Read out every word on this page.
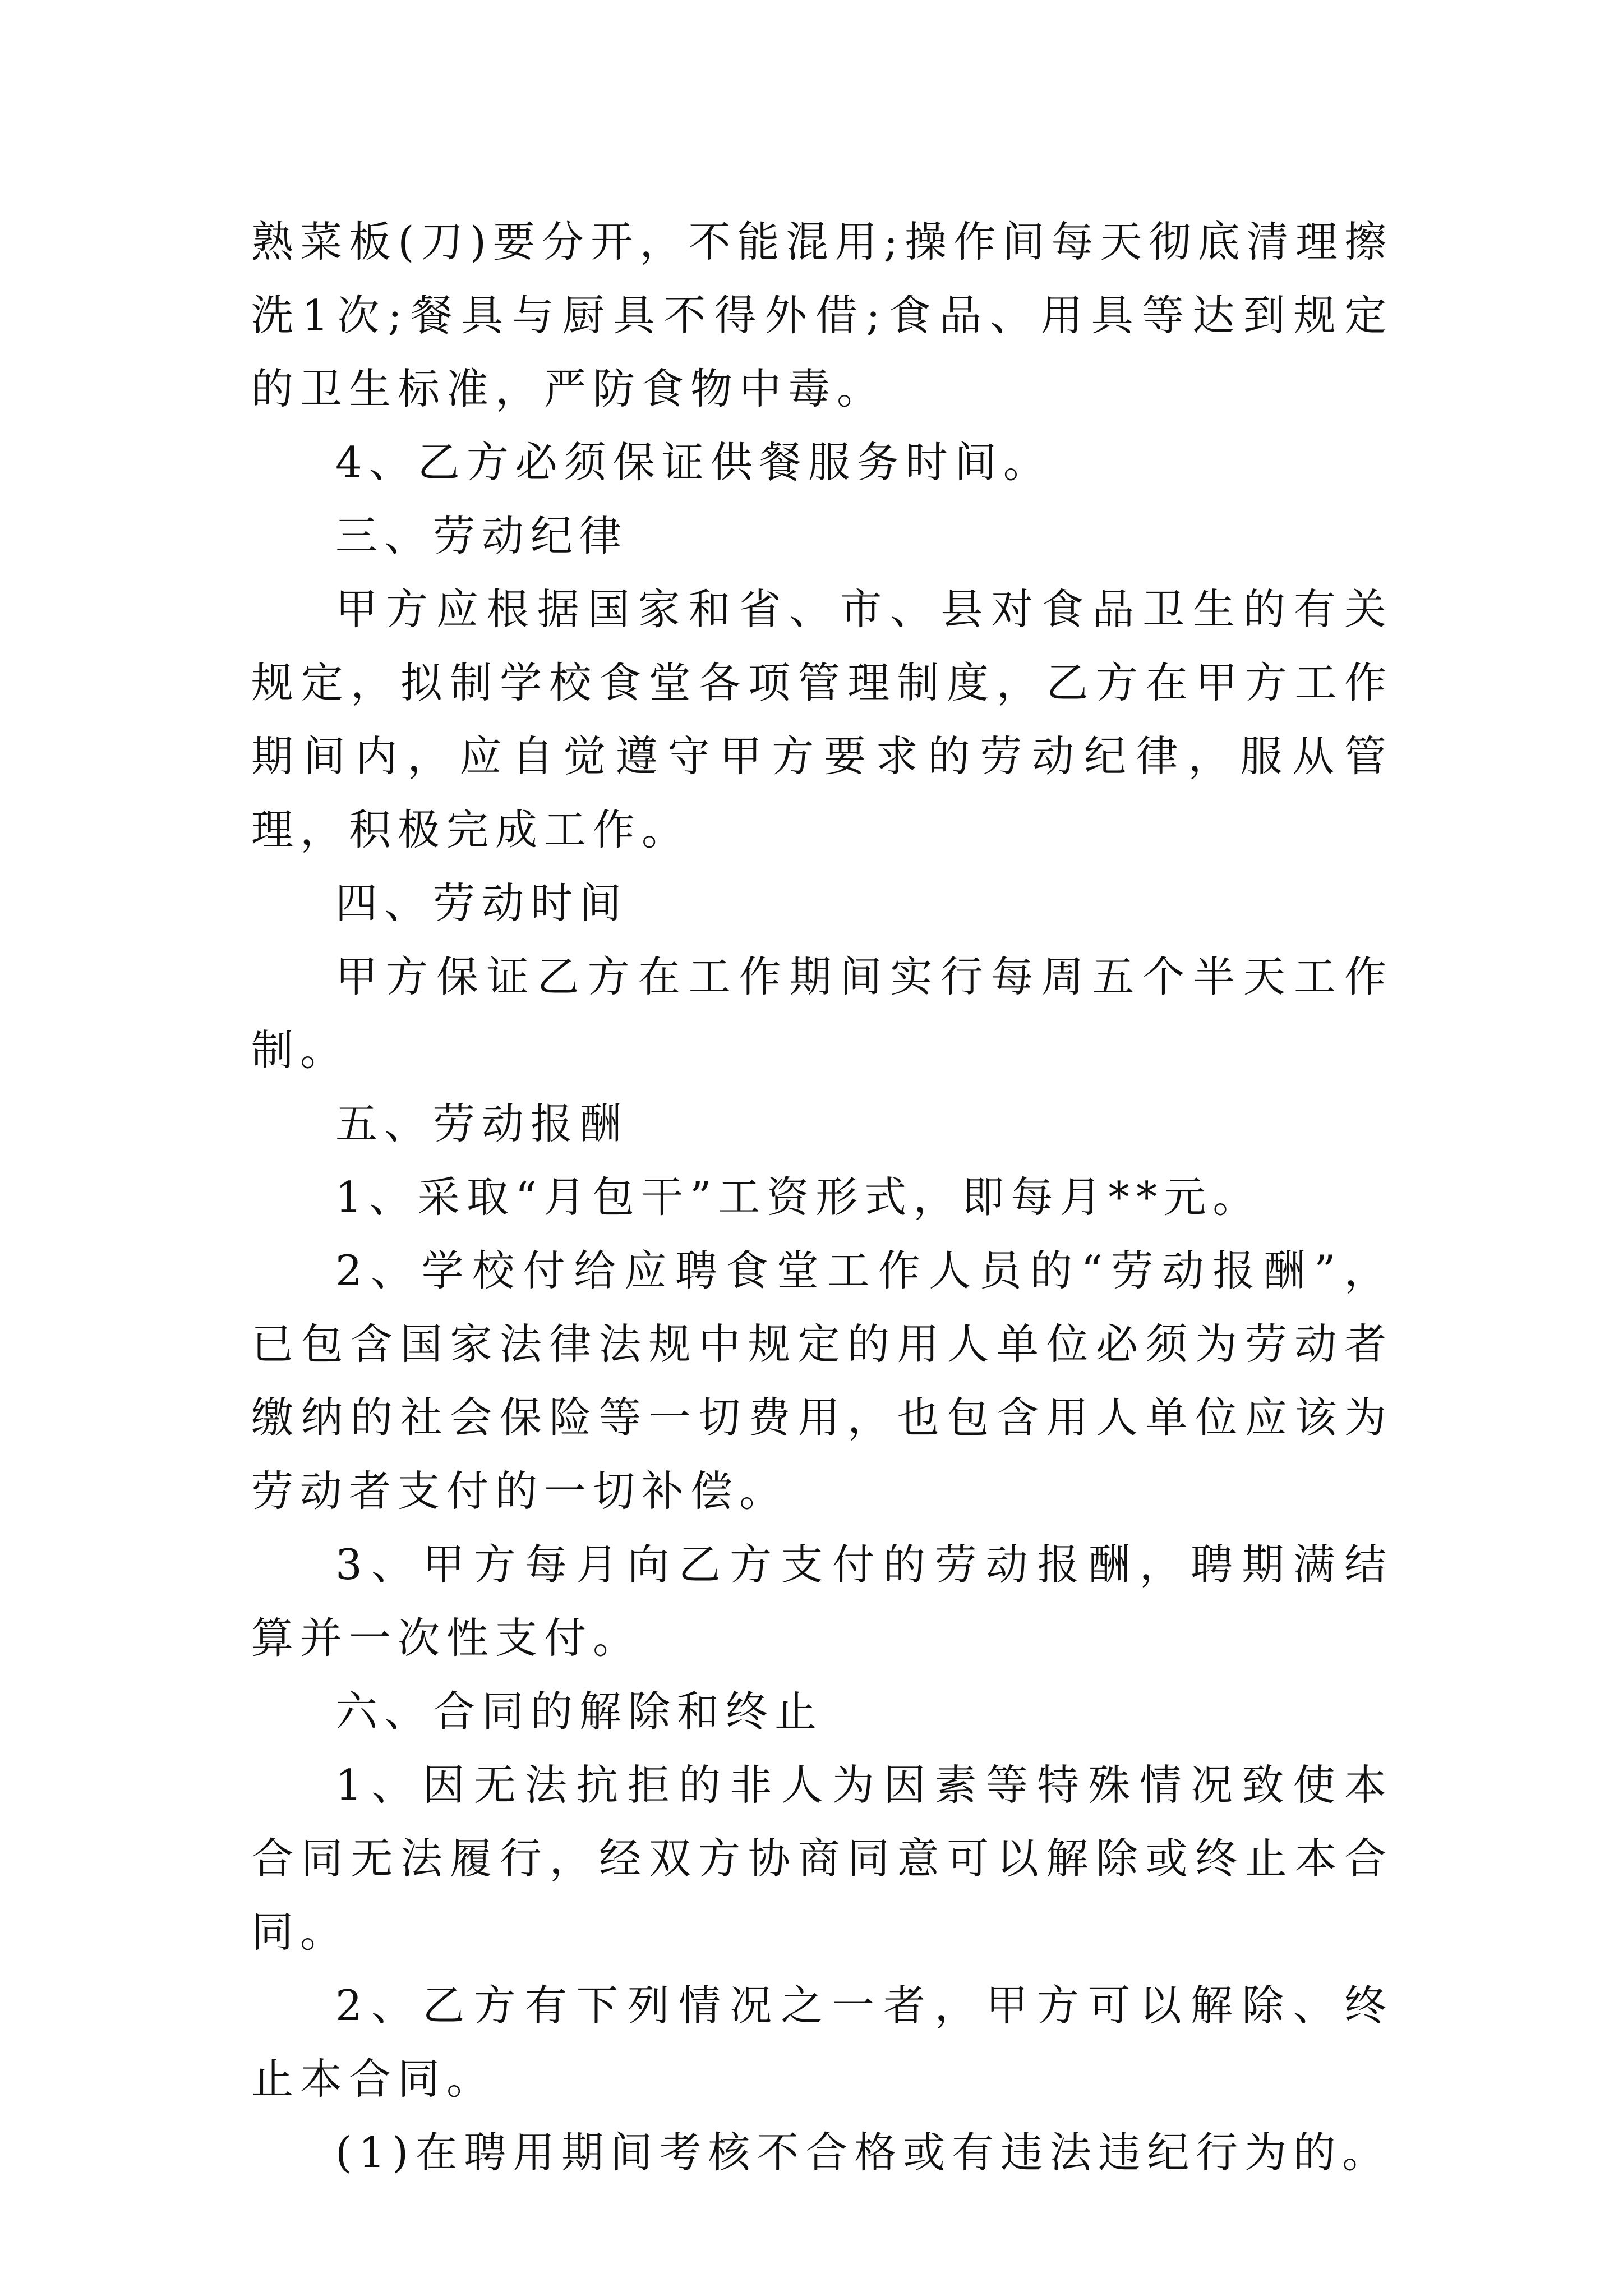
熟菜板(刀)要分开，不能混用;操作间每天彻底清理擦洗1次;餐具与厨具不得外借;食品、用具等达到规定的卫生标准，严防食物中毒。

4、乙方必须保证供餐服务时间。

三、劳动纪律

甲方应根据国家和省、市、县对食品卫生的有关规定，拟制学校食堂各项管理制度，乙方在甲方工作期间内，应自觉遵守甲方要求的劳动纪律，服从管理，积极完成工作。

四、劳动时间

甲方保证乙方在工作期间实行每周五个半天工作制。

五、劳动报酬

1、采取“月包干”工资形式，即每月**元。

2、学校付给应聘食堂工作人员的“劳动报酬”，已包含国家法律法规中规定的用人单位必须为劳动者缴纳的社会保险等一切费用，也包含用人单位应该为劳动者支付的一切补偿。

3、甲方每月向乙方支付的劳动报酬，聘期满结算并一次性支付。

六、合同的解除和终止

1、因无法抗拒的非人为因素等特殊情况致使本合同无法履行，经双方协商同意可以解除或终止本合同。

2、乙方有下列情况之一者，甲方可以解除、终止本合同。

(1)在聘用期间考核不合格或有违法违纪行为的。
